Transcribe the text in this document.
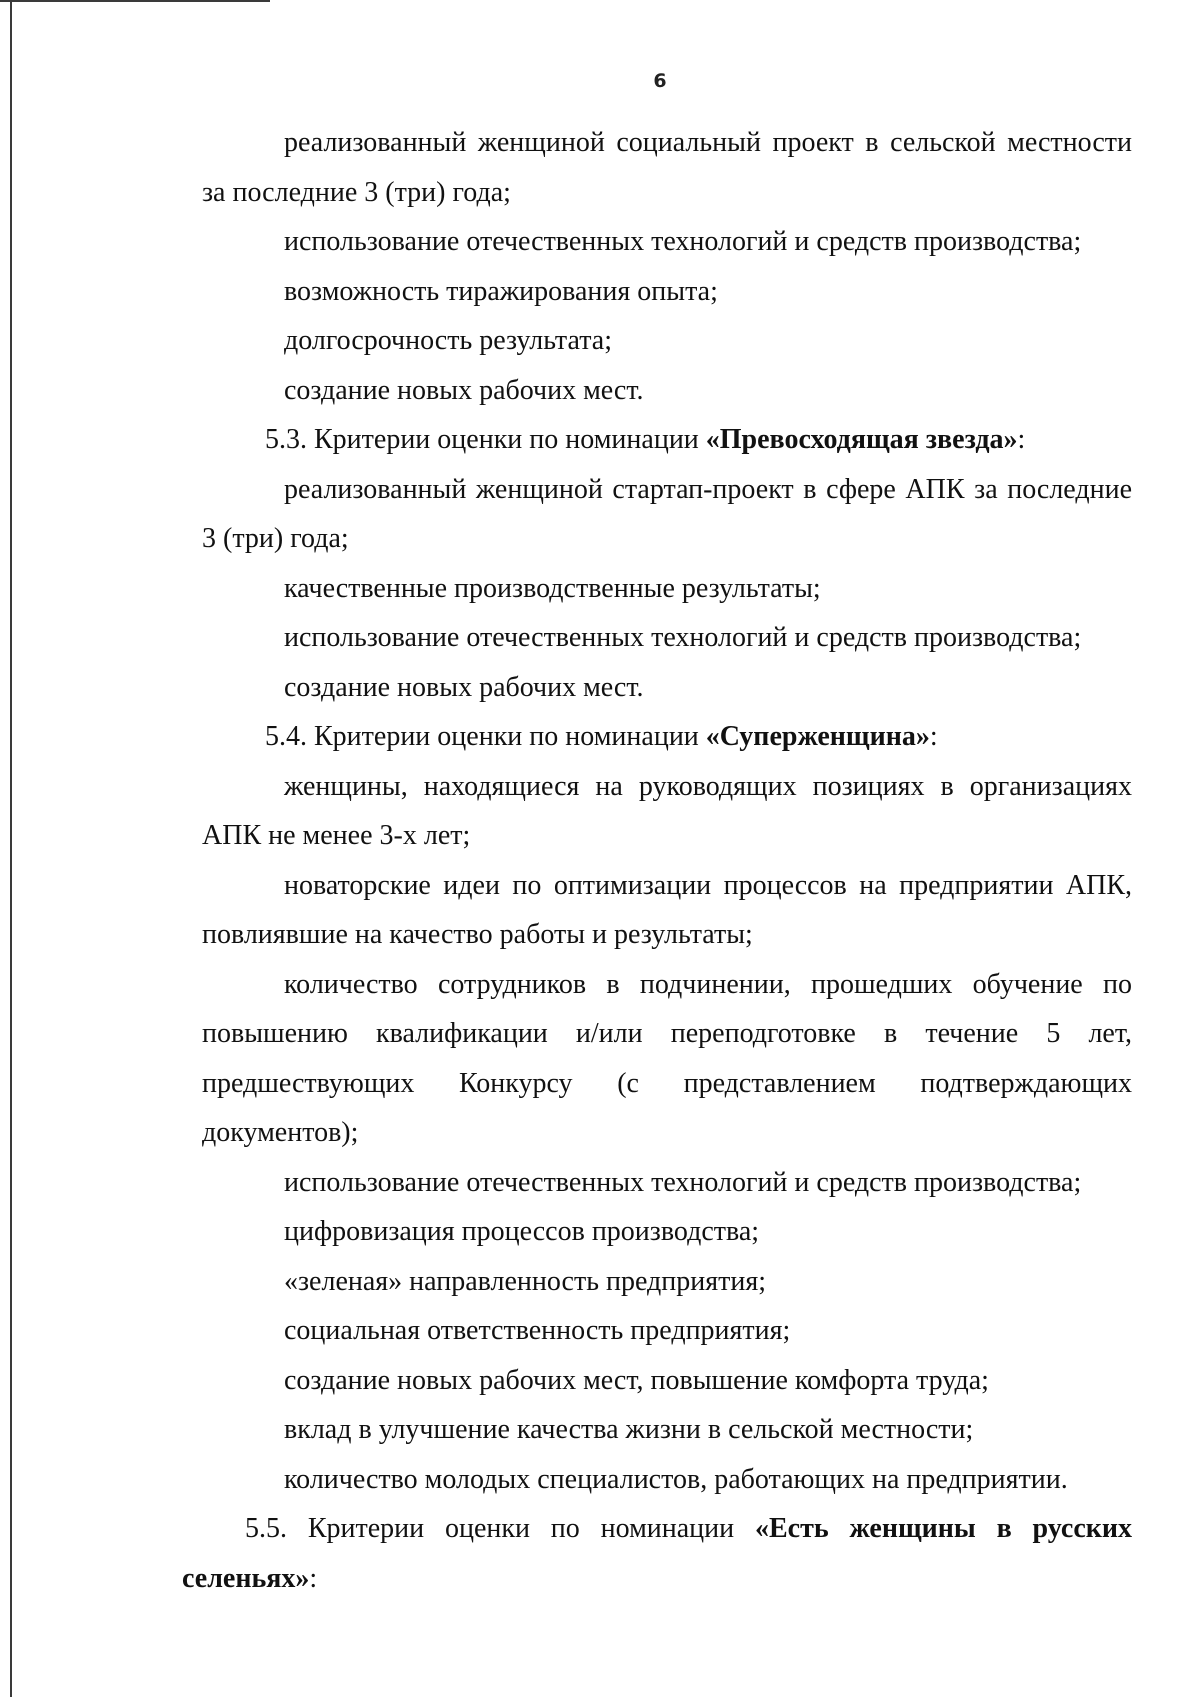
6

реализованный женщиной социальный проект в сельской местности за последние 3 (три) года;

использование отечественных технологий и средств производства;

возможность тиражирования опыта;

долгосрочность результата;

создание новых рабочих мест.

5.3. Критерии оценки по номинации «Превосходящая звезда»:

реализованный женщиной стартап-проект в сфере АПК за последние 3 (три) года;

качественные производственные результаты;

использование отечественных технологий и средств производства;

создание новых рабочих мест.

5.4. Критерии оценки по номинации «Суперженщина»:

женщины, находящиеся на руководящих позициях в организациях АПК не менее 3-х лет;

новаторские идеи по оптимизации процессов на предприятии АПК, повлиявшие на качество работы и результаты;

количество сотрудников в подчинении, прошедших обучение по повышению квалификации и/или переподготовке в течение 5 лет, предшествующих Конкурсу (с представлением подтверждающих документов);

использование отечественных технологий и средств производства;

цифровизация процессов производства;

«зеленая» направленность предприятия;

социальная ответственность предприятия;

создание новых рабочих мест, повышение комфорта труда;

вклад в улучшение качества жизни в сельской местности;

количество молодых специалистов, работающих на предприятии.

5.5. Критерии оценки по номинации «Есть женщины в русских селеньях»:
